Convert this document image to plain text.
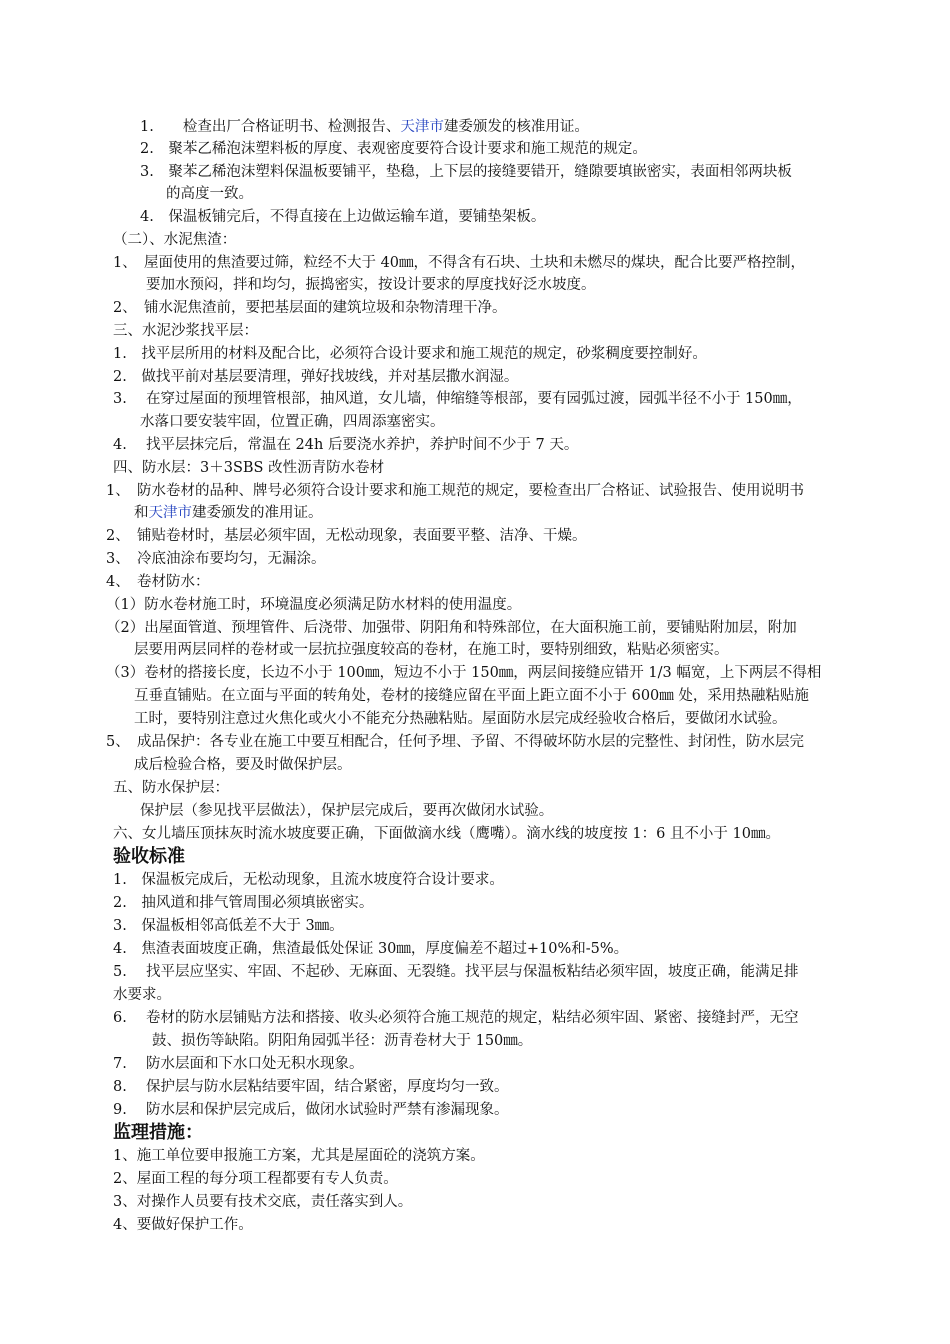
1.　　检查出厂合格证明书、检测报告、天津市建委颁发的核准用证。
2.　聚苯乙稀泡沫塑料板的厚度、表观密度要符合设计要求和施工规范的规定。
3.　聚苯乙稀泡沫塑料保温板要铺平，垫稳，上下层的接缝要错开，缝隙要填嵌密实，表面相邻两块板
的高度一致。
4.　保温板铺完后，不得直接在上边做运输车道，要铺垫架板。
（二）、水泥焦渣：
1、　屋面使用的焦渣要过筛，粒经不大于 40㎜，不得含有石块、土块和未燃尽的煤块，配合比要严格控制，
要加水预闷，拌和均匀，振捣密实，按设计要求的厚度找好泛水坡度。
2、　铺水泥焦渣前，要把基层面的建筑垃圾和杂物清理干净。
三、水泥沙浆找平层：
1.　找平层所用的材料及配合比，必须符合设计要求和施工规范的规定，砂浆稠度要控制好。
2.　做找平前对基层要清理，弹好找坡线，并对基层撒水润湿。
3.　 在穿过屋面的预埋管根部，抽风道，女儿墙，伸缩缝等根部，要有园弧过渡，园弧半径不小于 150㎜，
水落口要安装牢固，位置正确，四周添塞密实。
4.　 找平层抹完后，常温在 24h 后要浇水养护，养护时间不少于 7 天。
四、防水层：3＋3SBS 改性沥青防水卷材
1、　防水卷材的品种、牌号必须符合设计要求和施工规范的规定，要检查出厂合格证、试验报告、使用说明书
和天津市建委颁发的准用证。
2、　铺贴卷材时，基层必须牢固，无松动现象，表面要平整、洁净、干燥。
3、　冷底油涂布要均匀，无漏涂。
4、　卷材防水：
（1）防水卷材施工时，环境温度必须满足防水材料的使用温度。
（2）出屋面管道、预埋管件、后浇带、加强带、阴阳角和特殊部位，在大面积施工前，要铺贴附加层，附加
层要用两层同样的卷材或一层抗拉强度较高的卷材，在施工时，要特别细致，粘贴必须密实。
（3）卷材的搭接长度，长边不小于 100㎜，短边不小于 150㎜，两层间接缝应错开 1/3 幅宽，上下两层不得相
互垂直铺贴。在立面与平面的转角处，卷材的接缝应留在平面上距立面不小于 600㎜ 处，采用热融粘贴施
工时，要特别注意过火焦化或火小不能充分热融粘贴。屋面防水层完成经验收合格后，要做闭水试验。
5、　成品保护：各专业在施工中要互相配合，任何予埋、予留、不得破坏防水层的完整性、封闭性，防水层完
成后检验合格，要及时做保护层。
五、防水保护层：
保护层（参见找平层做法），保护层完成后，要再次做闭水试验。
六、女儿墙压顶抹灰时流水坡度要正确，下面做滴水线（鹰嘴）。滴水线的坡度按 1：6 且不小于 10㎜。
验收标准
1.　保温板完成后，无松动现象，且流水坡度符合设计要求。
2.　抽风道和排气管周围必须填嵌密实。
3.　保温板相邻高低差不大于 3㎜。
4.　焦渣表面坡度正确，焦渣最低处保证 30㎜，厚度偏差不超过+10%和-5%。
5.　 找平层应坚实、牢固、不起砂、无麻面、无裂缝。找平层与保温板粘结必须牢固，坡度正确，能满足排
水要求。
6.　 卷材的防水层铺贴方法和搭接、收头必须符合施工规范的规定，粘结必须牢固、紧密、接缝封严，无空
鼓、损伤等缺陷。阴阳角园弧半径：沥青卷材大于 150㎜。
7.　 防水层面和下水口处无积水现象。
8.　 保护层与防水层粘结要牢固，结合紧密，厚度均匀一致。
9.　 防水层和保护层完成后，做闭水试验时严禁有渗漏现象。
监理措施：
1、施工单位要申报施工方案，尤其是屋面砼的浇筑方案。
2、屋面工程的每分项工程都要有专人负责。
3、对操作人员要有技术交底，责任落实到人。
4、要做好保护工作。
